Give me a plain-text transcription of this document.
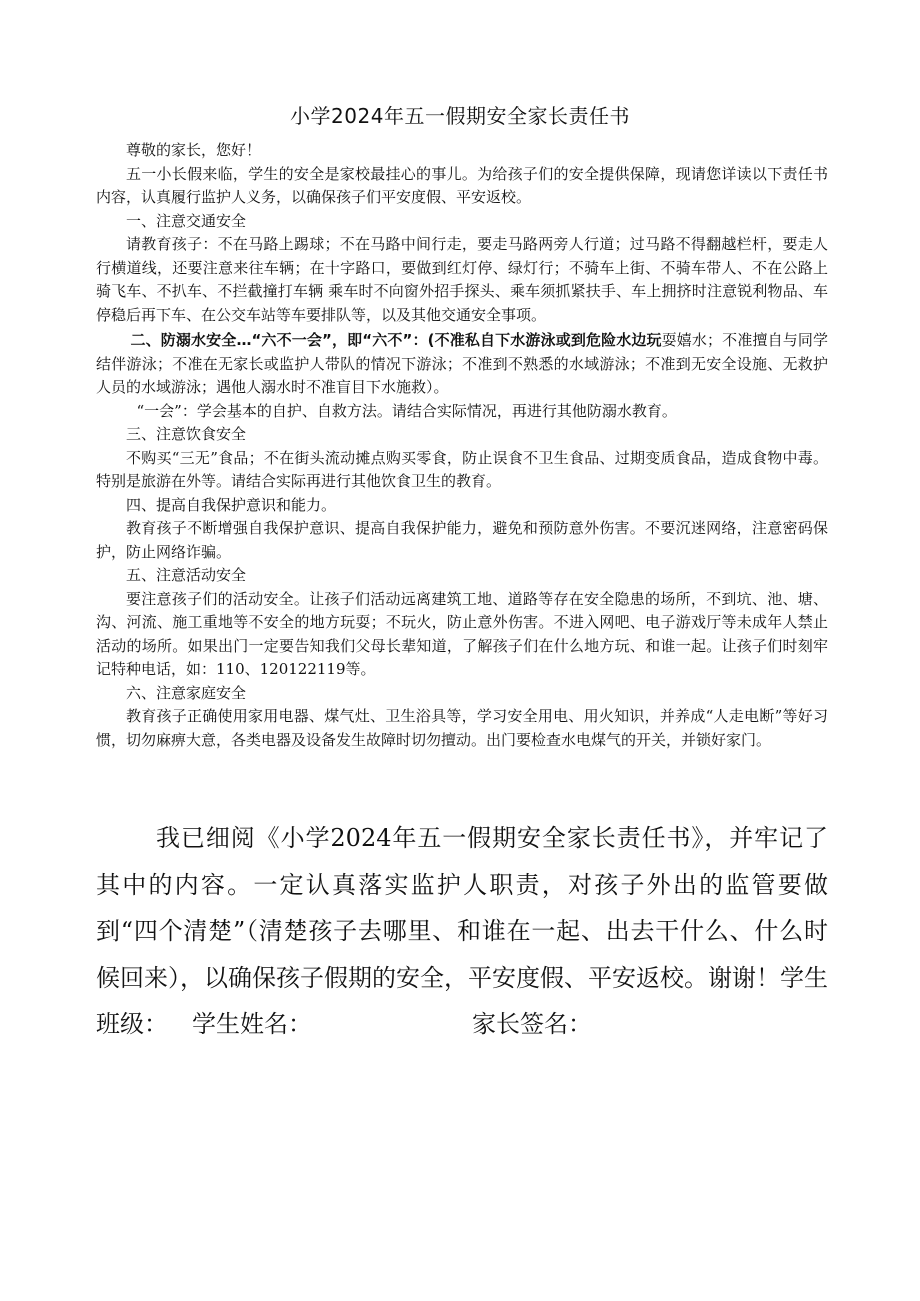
小学2024年五一假期安全家长责任书

尊敬的家长，您好！

五一小长假来临，学生的安全是家校最挂心的事儿。为给孩子们的安全提供保障，现请您详读以下责任书内容，认真履行监护人义务，以确保孩子们平安度假、平安返校。

一、注意交通安全

请教育孩子：不在马路上踢球；不在马路中间行走，要走马路两旁人行道；过马路不得翻越栏杆，要走人行横道线，还要注意来往车辆；在十字路口，要做到红灯停、绿灯行；不骑车上街、不骑车带人、不在公路上骑飞车、不扒车、不拦截撞打车辆 乘车时不向窗外招手探头、乘车须抓紧扶手、车上拥挤时注意锐利物品、车停稳后再下车、在公交车站等车要排队等，以及其他交通安全事项。

二、防溺水安全…“六不一会”，即“六不”：(不准私自下水游泳或到危险水边玩耍嬉水；不准擅自与同学结伴游泳；不准在无家长或监护人带队的情况下游泳；不准到不熟悉的水域游泳；不准到无安全设施、无救护人员的水域游泳；遇他人溺水时不准盲目下水施救）。

“一会”：学会基本的自护、自救方法。请结合实际情况，再进行其他防溺水教育。

三、注意饮食安全

不购买“三无”食品；不在街头流动摊点购买零食，防止误食不卫生食品、过期变质食品，造成食物中毒。特别是旅游在外等。请结合实际再进行其他饮食卫生的教育。

四、提高自我保护意识和能力。

教育孩子不断增强自我保护意识、提高自我保护能力，避免和预防意外伤害。不要沉迷网络，注意密码保护，防止网络诈骗。

五、注意活动安全

要注意孩子们的活动安全。让孩子们活动远离建筑工地、道路等存在安全隐患的场所，不到坑、池、塘、沟、河流、施工重地等不安全的地方玩耍；不玩火，防止意外伤害。不进入网吧、电子游戏厅等未成年人禁止活动的场所。如果出门一定要告知我们父母长辈知道，了解孩子们在什么地方玩、和谁一起。让孩子们时刻牢记特种电话，如：110、120122119等。

六、注意家庭安全

教育孩子正确使用家用电器、煤气灶、卫生浴具等，学习安全用电、用火知识，并养成“人走电断”等好习惯，切勿麻痹大意，各类电器及设备发生故障时切勿擅动。出门要检查水电煤气的开关，并锁好家门。

我已细阅《小学2024年五一假期安全家长责任书》，并牢记了其中的内容。一定认真落实监护人职责，对孩子外出的监管要做到“四个清楚”（清楚孩子去哪里、和谁在一起、出去干什么、什么时候回来），以确保孩子假期的安全，平安度假、平安返校。谢谢！学生班级： 学生姓名：	家长签名：
